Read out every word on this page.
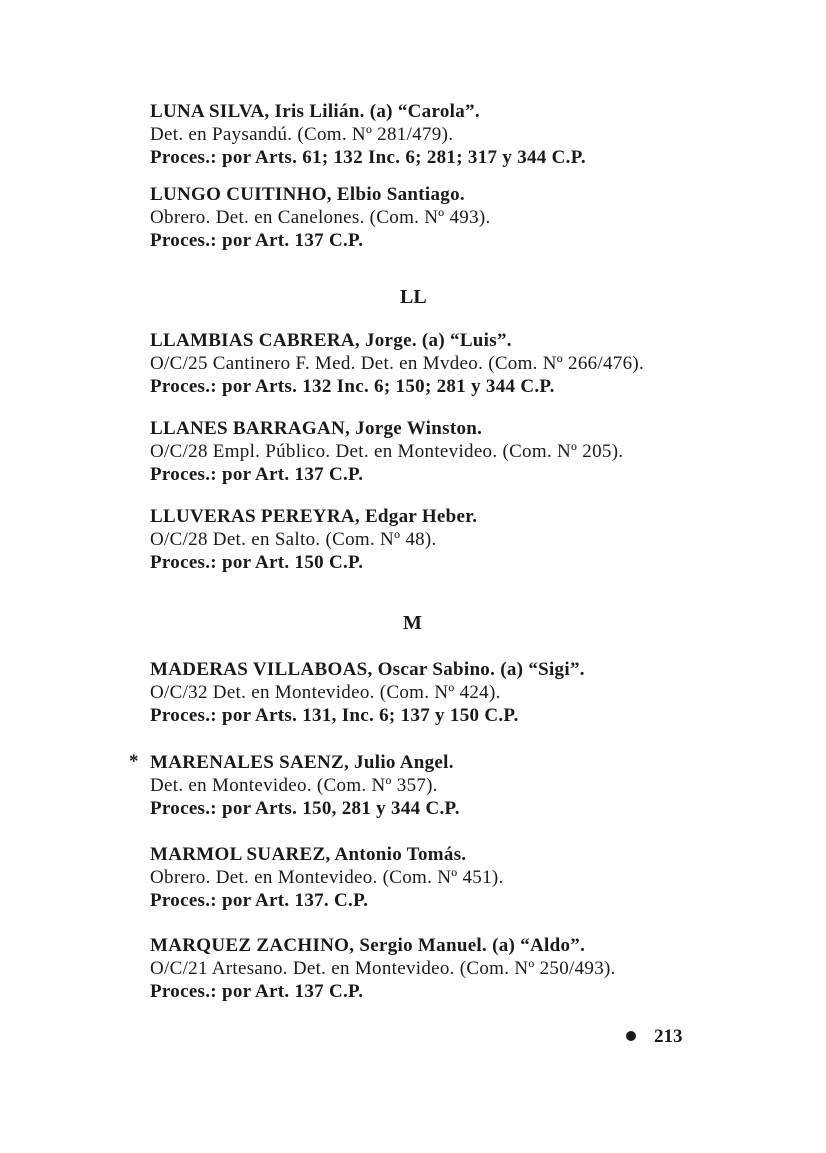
LUNA SILVA, Iris Lilián. (a) “Carola”.
Det. en Paysandú. (Com. Nº 281/479).
Proces.: por Arts. 61; 132 Inc. 6; 281; 317 y 344 C.P.
LUNGO CUITINHO, Elbio Santiago.
Obrero. Det. en Canelones. (Com. Nº 493).
Proces.: por Art. 137 C.P.
LL
LLAMBIAS CABRERA, Jorge. (a) “Luis”.
O/C/25 Cantinero F. Med. Det. en Mvdeo. (Com. Nº 266/476).
Proces.: por Arts. 132 Inc. 6; 150; 281 y 344 C.P.
LLANES BARRAGAN, Jorge Winston.
O/C/28 Empl. Público. Det. en Montevideo. (Com. Nº 205).
Proces.: por Art. 137 C.P.
LLUVERAS PEREYRA, Edgar Heber.
O/C/28 Det. en Salto. (Com. Nº 48).
Proces.: por Art. 150 C.P.
M
MADERAS VILLABOAS, Oscar Sabino. (a) “Sigi”.
O/C/32 Det. en Montevideo. (Com. Nº 424).
Proces.: por Arts. 131, Inc. 6; 137 y 150 C.P.
* MARENALES SAENZ, Julio Angel.
Det. en Montevideo. (Com. Nº 357).
Proces.: por Arts. 150, 281 y 344 C.P.
MARMOL SUAREZ, Antonio Tomás.
Obrero. Det. en Montevideo. (Com. Nº 451).
Proces.: por Art. 137. C.P.
MARQUEZ ZACHINO, Sergio Manuel. (a) “Aldo”.
O/C/21 Artesano. Det. en Montevideo. (Com. Nº 250/493).
Proces.: por Art. 137 C.P.
213
